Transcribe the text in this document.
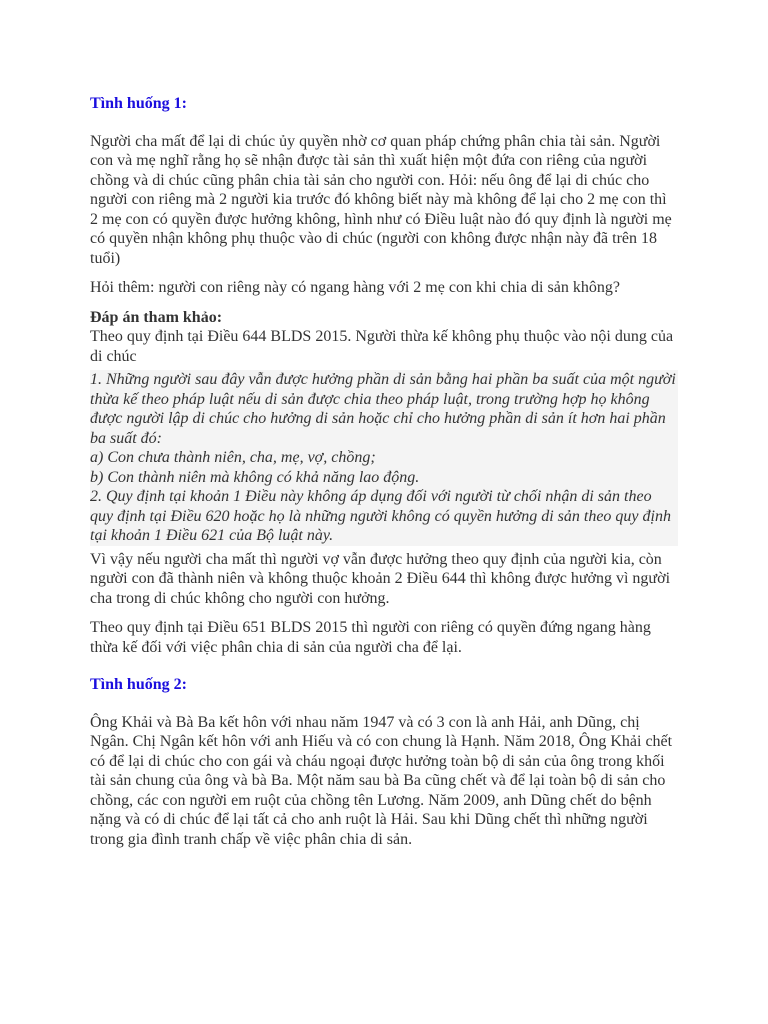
Tình huống 1:

Người cha mất để lại di chúc ủy quyền nhờ cơ quan pháp chứng phân chia tài sản. Người con và mẹ nghĩ rằng họ sẽ nhận được tài sản thì xuất hiện một đứa con riêng của người chồng và di chúc cũng phân chia tài sản cho người con. Hỏi: nếu ông để lại di chúc cho người con riêng mà 2 người kia trước đó không biết này mà không để lại cho 2 mẹ con thì 2 mẹ con có quyền được hưởng không, hình như có Điều luật nào đó quy định là người mẹ có quyền nhận không phụ thuộc vào di chúc (người con không được nhận này đã trên 18 tuổi)

Hỏi thêm: người con riêng này có ngang hàng với 2 mẹ con khi chia di sản không?

Đáp án tham khảo:

Theo quy định tại Điều 644 BLDS 2015. Người thừa kế không phụ thuộc vào nội dung của di chúc

1. Những người sau đây vẫn được hưởng phần di sản bằng hai phần ba suất của một người thừa kế theo pháp luật nếu di sản được chia theo pháp luật, trong trường hợp họ không được người lập di chúc cho hưởng di sản hoặc chỉ cho hưởng phần di sản ít hơn hai phần ba suất đó:
a) Con chưa thành niên, cha, mẹ, vợ, chồng;
b) Con thành niên mà không có khả năng lao động.
2. Quy định tại khoản 1 Điều này không áp dụng đối với người từ chối nhận di sản theo quy định tại Điều 620 hoặc họ là những người không có quyền hưởng di sản theo quy định tại khoản 1 Điều 621 của Bộ luật này.

Vì vậy nếu người cha mất thì người vợ vẫn được hưởng theo quy định của người kia, còn người con đã thành niên và không thuộc khoản 2 Điều 644 thì không được hưởng vì người cha trong di chúc không cho người con hưởng.

Theo quy định tại Điều 651 BLDS 2015 thì người con riêng có quyền đứng ngang hàng thừa kế đối với việc phân chia di sản của người cha để lại.

Tình huống 2:

Ông Khải và Bà Ba kết hôn với nhau năm 1947 và có 3 con là anh Hải, anh Dũng, chị Ngân. Chị Ngân kết hôn với anh Hiếu và có con chung là Hạnh. Năm 2018, Ông Khải chết có để lại di chúc cho con gái và cháu ngoại được hưởng toàn bộ di sản của ông trong khối tài sản chung của ông và bà Ba. Một năm sau bà Ba cũng chết và để lại toàn bộ di sản cho chồng, các con người em ruột của chồng tên Lương. Năm 2009, anh Dũng chết do bệnh nặng và có di chúc để lại tất cả cho anh ruột là Hải. Sau khi Dũng chết thì những người trong gia đình tranh chấp về việc phân chia di sản.
